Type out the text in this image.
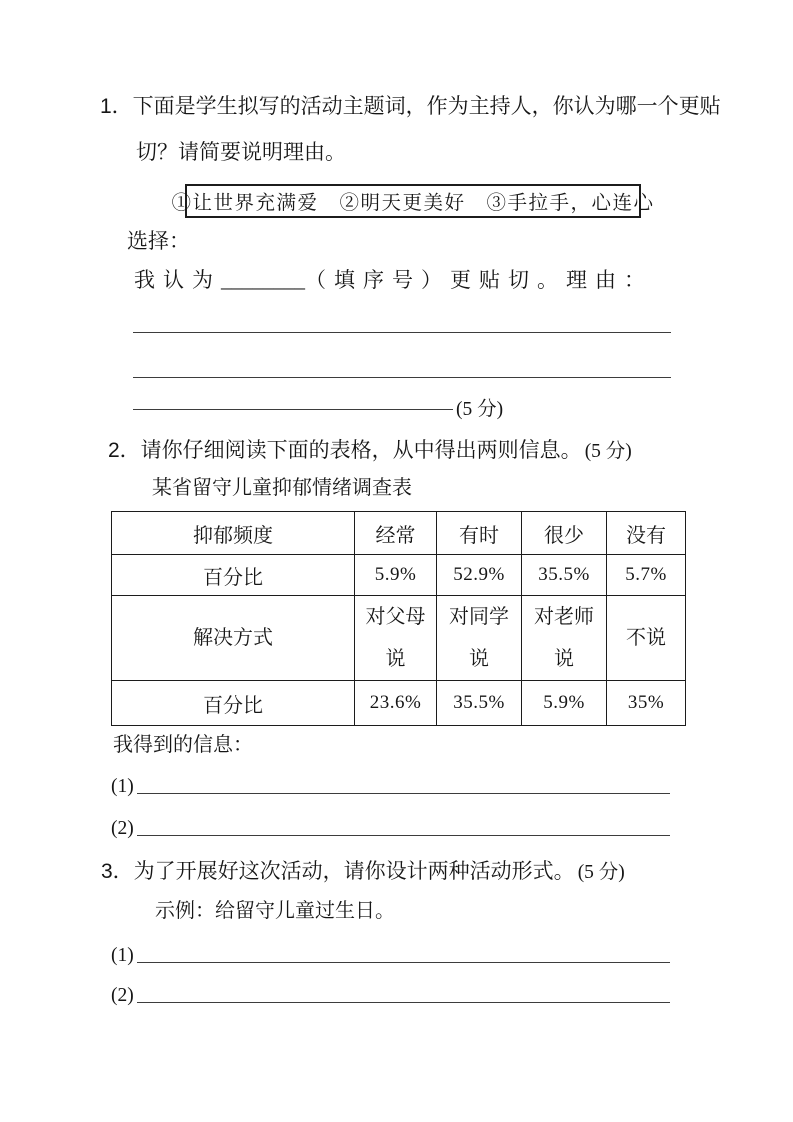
1．下面是学生拟写的活动主题词，作为主持人，你认为哪一个更贴
切？请简要说明理由。
①让世界充满爱　②明天更美好　③手拉手，心连心
选择：
我认为________（填序号）更贴切。理由：
(5 分)
2．请你仔细阅读下面的表格，从中得出两则信息。 (5 分)
某省留守儿童抑郁情绪调查表
抑郁频度	经常	有时	很少	没有
百分比	5.9%	52.9%	35.5%	5.7%
解决方式	对父母说	对同学说	对老师说	不说
百分比	23.6%	35.5%	5.9%	35%
我得到的信息：
(1)
(2)
3．为了开展好这次活动，请你设计两种活动形式。 (5 分)
示例：给留守儿童过生日。
(1)
(2)
